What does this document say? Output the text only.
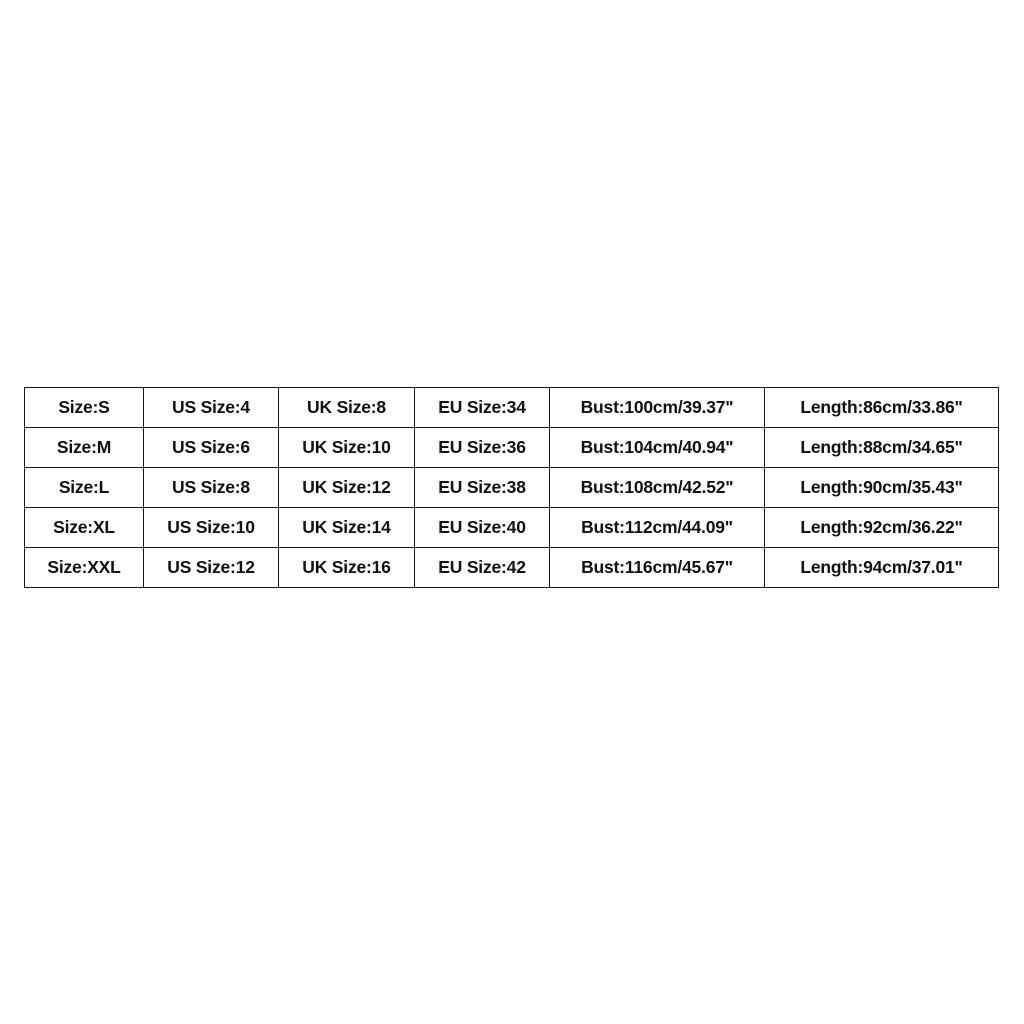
Size:S	US Size:4	UK Size:8	EU Size:34	Bust:100cm/39.37"	Length:86cm/33.86"
Size:M	US Size:6	UK Size:10	EU Size:36	Bust:104cm/40.94"	Length:88cm/34.65"
Size:L	US Size:8	UK Size:12	EU Size:38	Bust:108cm/42.52"	Length:90cm/35.43"
Size:XL	US Size:10	UK Size:14	EU Size:40	Bust:112cm/44.09"	Length:92cm/36.22"
Size:XXL	US Size:12	UK Size:16	EU Size:42	Bust:116cm/45.67"	Length:94cm/37.01"
